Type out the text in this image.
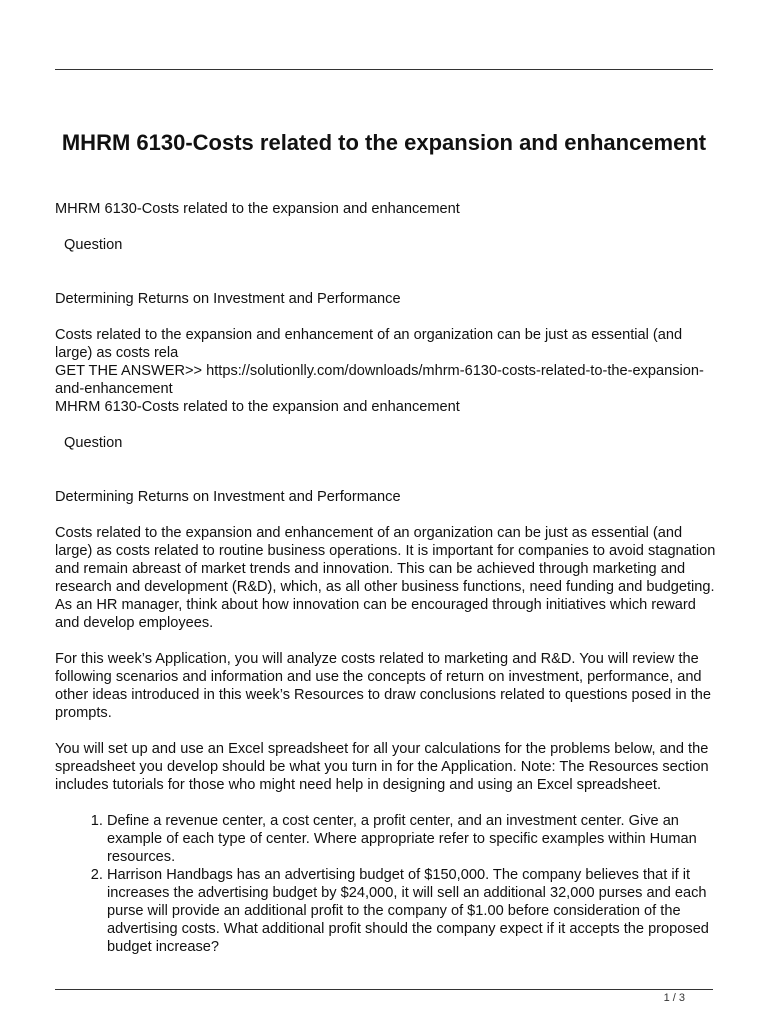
MHRM 6130-Costs related to the expansion and enhancement

MHRM 6130-Costs related to the expansion and enhancement

Question

Determining Returns on Investment and Performance

Costs related to the expansion and enhancement of an organization can be just as essential (and large) as costs rela

GET THE ANSWER>> https://solutionlly.com/downloads/mhrm-6130-costs-related-to-the-expansion-and-enhancement

MHRM 6130-Costs related to the expansion and enhancement

Question

Determining Returns on Investment and Performance

Costs related to the expansion and enhancement of an organization can be just as essential (and large) as costs related to routine business operations. It is important for companies to avoid stagnation and remain abreast of market trends and innovation. This can be achieved through marketing and research and development (R&D), which, as all other business functions, need funding and budgeting. As an HR manager, think about how innovation can be encouraged through initiatives which reward and develop employees.

For this week’s Application, you will analyze costs related to marketing and R&D. You will review the following scenarios and information and use the concepts of return on investment, performance, and other ideas introduced in this week’s Resources to draw conclusions related to questions posed in the prompts.

You will set up and use an Excel spreadsheet for all your calculations for the problems below, and the spreadsheet you develop should be what you turn in for the Application. Note: The Resources section includes tutorials for those who might need help in designing and using an Excel spreadsheet.

1. Define a revenue center, a cost center, a profit center, and an investment center. Give an example of each type of center. Where appropriate refer to specific examples within Human resources.
2. Harrison Handbags has an advertising budget of $150,000. The company believes that if it increases the advertising budget by $24,000, it will sell an additional 32,000 purses and each purse will provide an additional profit to the company of $1.00 before consideration of the advertising costs. What additional profit should the company expect if it accepts the proposed budget increase?
1 / 3
